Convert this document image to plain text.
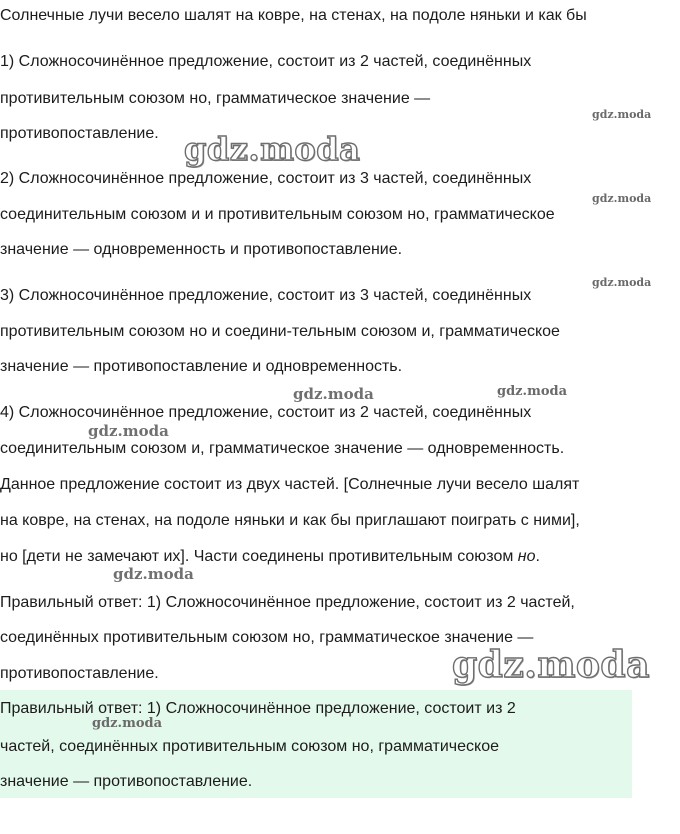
Солнечные лучи весело шалят на ковре, на стенах, на подоле няньки и как бы
1) Сложносочинённое предложение, состоит из 2 частей, соединённых
противительным союзом но, грамматическое значение —
противопоставление.
2) Сложносочинённое предложение, состоит из 3 частей, соединённых
соединительным союзом и и противительным союзом но, грамматическое
значение — одновременность и противопоставление.
3) Сложносочинённое предложение, состоит из 3 частей, соединённых
противительным союзом но и соедини-тельным союзом и, грамматическое
значение — противопоставление и одновременность.
4) Сложносочинённое предложение, состоит из 2 частей, соединённых
соединительным союзом и, грамматическое значение — одновременность.
Данное предложение состоит из двух частей. [Солнечные лучи весело шалят
на ковре, на стенах, на подоле няньки и как бы приглашают поиграть с ними],
но [дети не замечают их]. Части соединены противительным союзом но.
Правильный ответ: 1) Сложносочинённое предложение, состоит из 2 частей,
соединённых противительным союзом но, грамматическое значение —
противопоставление.
Правильный ответ: 1) Сложносочинённое предложение, состоит из 2
частей, соединённых противительным союзом но, грамматическое
значение — противопоставление.
gdz.moda
gdz.moda
gdz.moda
gdz.moda
gdz.moda	gdz.moda
gdz.moda
gdz.moda
gdz.moda
gdz.moda
